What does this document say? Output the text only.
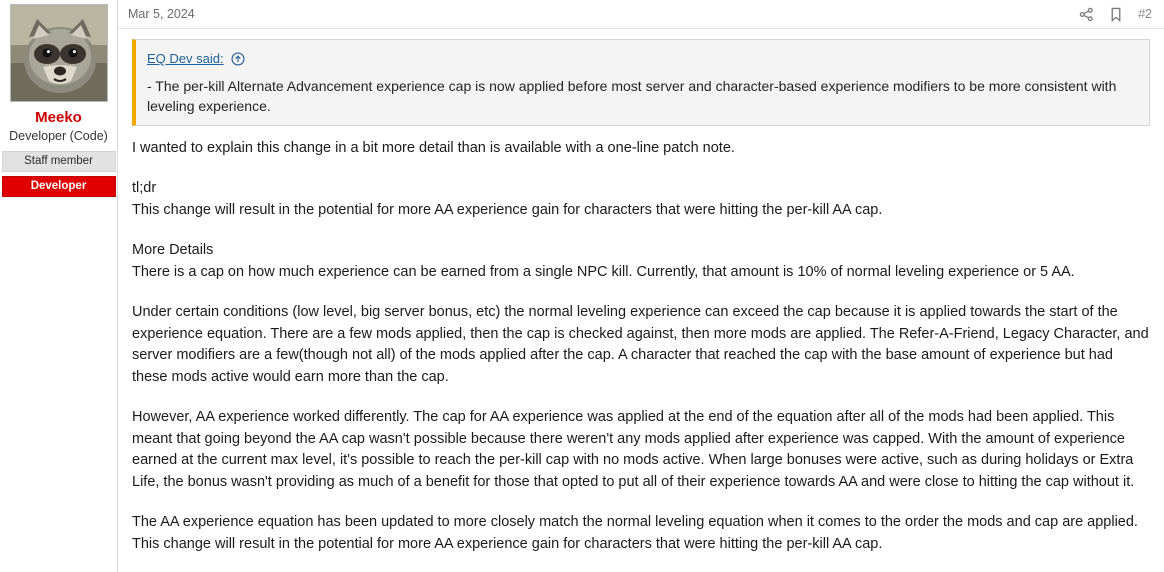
Meeko
Developer (Code)
Staff member
Developer
Mar 5, 2024	#2
EQ Dev said:
- The per-kill Alternate Advancement experience cap is now applied before most server and character-based experience modifiers to be more consistent with leveling experience.

I wanted to explain this change in a bit more detail than is available with a one-line patch note.

tl;dr

This change will result in the potential for more AA experience gain for characters that were hitting the per-kill AA cap.

More Details

There is a cap on how much experience can be earned from a single NPC kill. Currently, that amount is 10% of normal leveling experience or 5 AA.

Under certain conditions (low level, big server bonus, etc) the normal leveling experience can exceed the cap because it is applied towards the start of the experience equation. There are a few mods applied, then the cap is checked against, then more mods are applied. The Refer-A-Friend, Legacy Character, and server modifiers are a few(though not all) of the mods applied after the cap. A character that reached the cap with the base amount of experience but had these mods active would earn more than the cap.

However, AA experience worked differently. The cap for AA experience was applied at the end of the equation after all of the mods had been applied. This meant that going beyond the AA cap wasn't possible because there weren't any mods applied after experience was capped. With the amount of experience earned at the current max level, it's possible to reach the per-kill cap with no mods active. When large bonuses were active, such as during holidays or Extra Life, the bonus wasn't providing as much of a benefit for those that opted to put all of their experience towards AA and were close to hitting the cap without it.

The AA experience equation has been updated to more closely match the normal leveling equation when it comes to the order the mods and cap are applied. This change will result in the potential for more AA experience gain for characters that were hitting the per-kill AA cap.
